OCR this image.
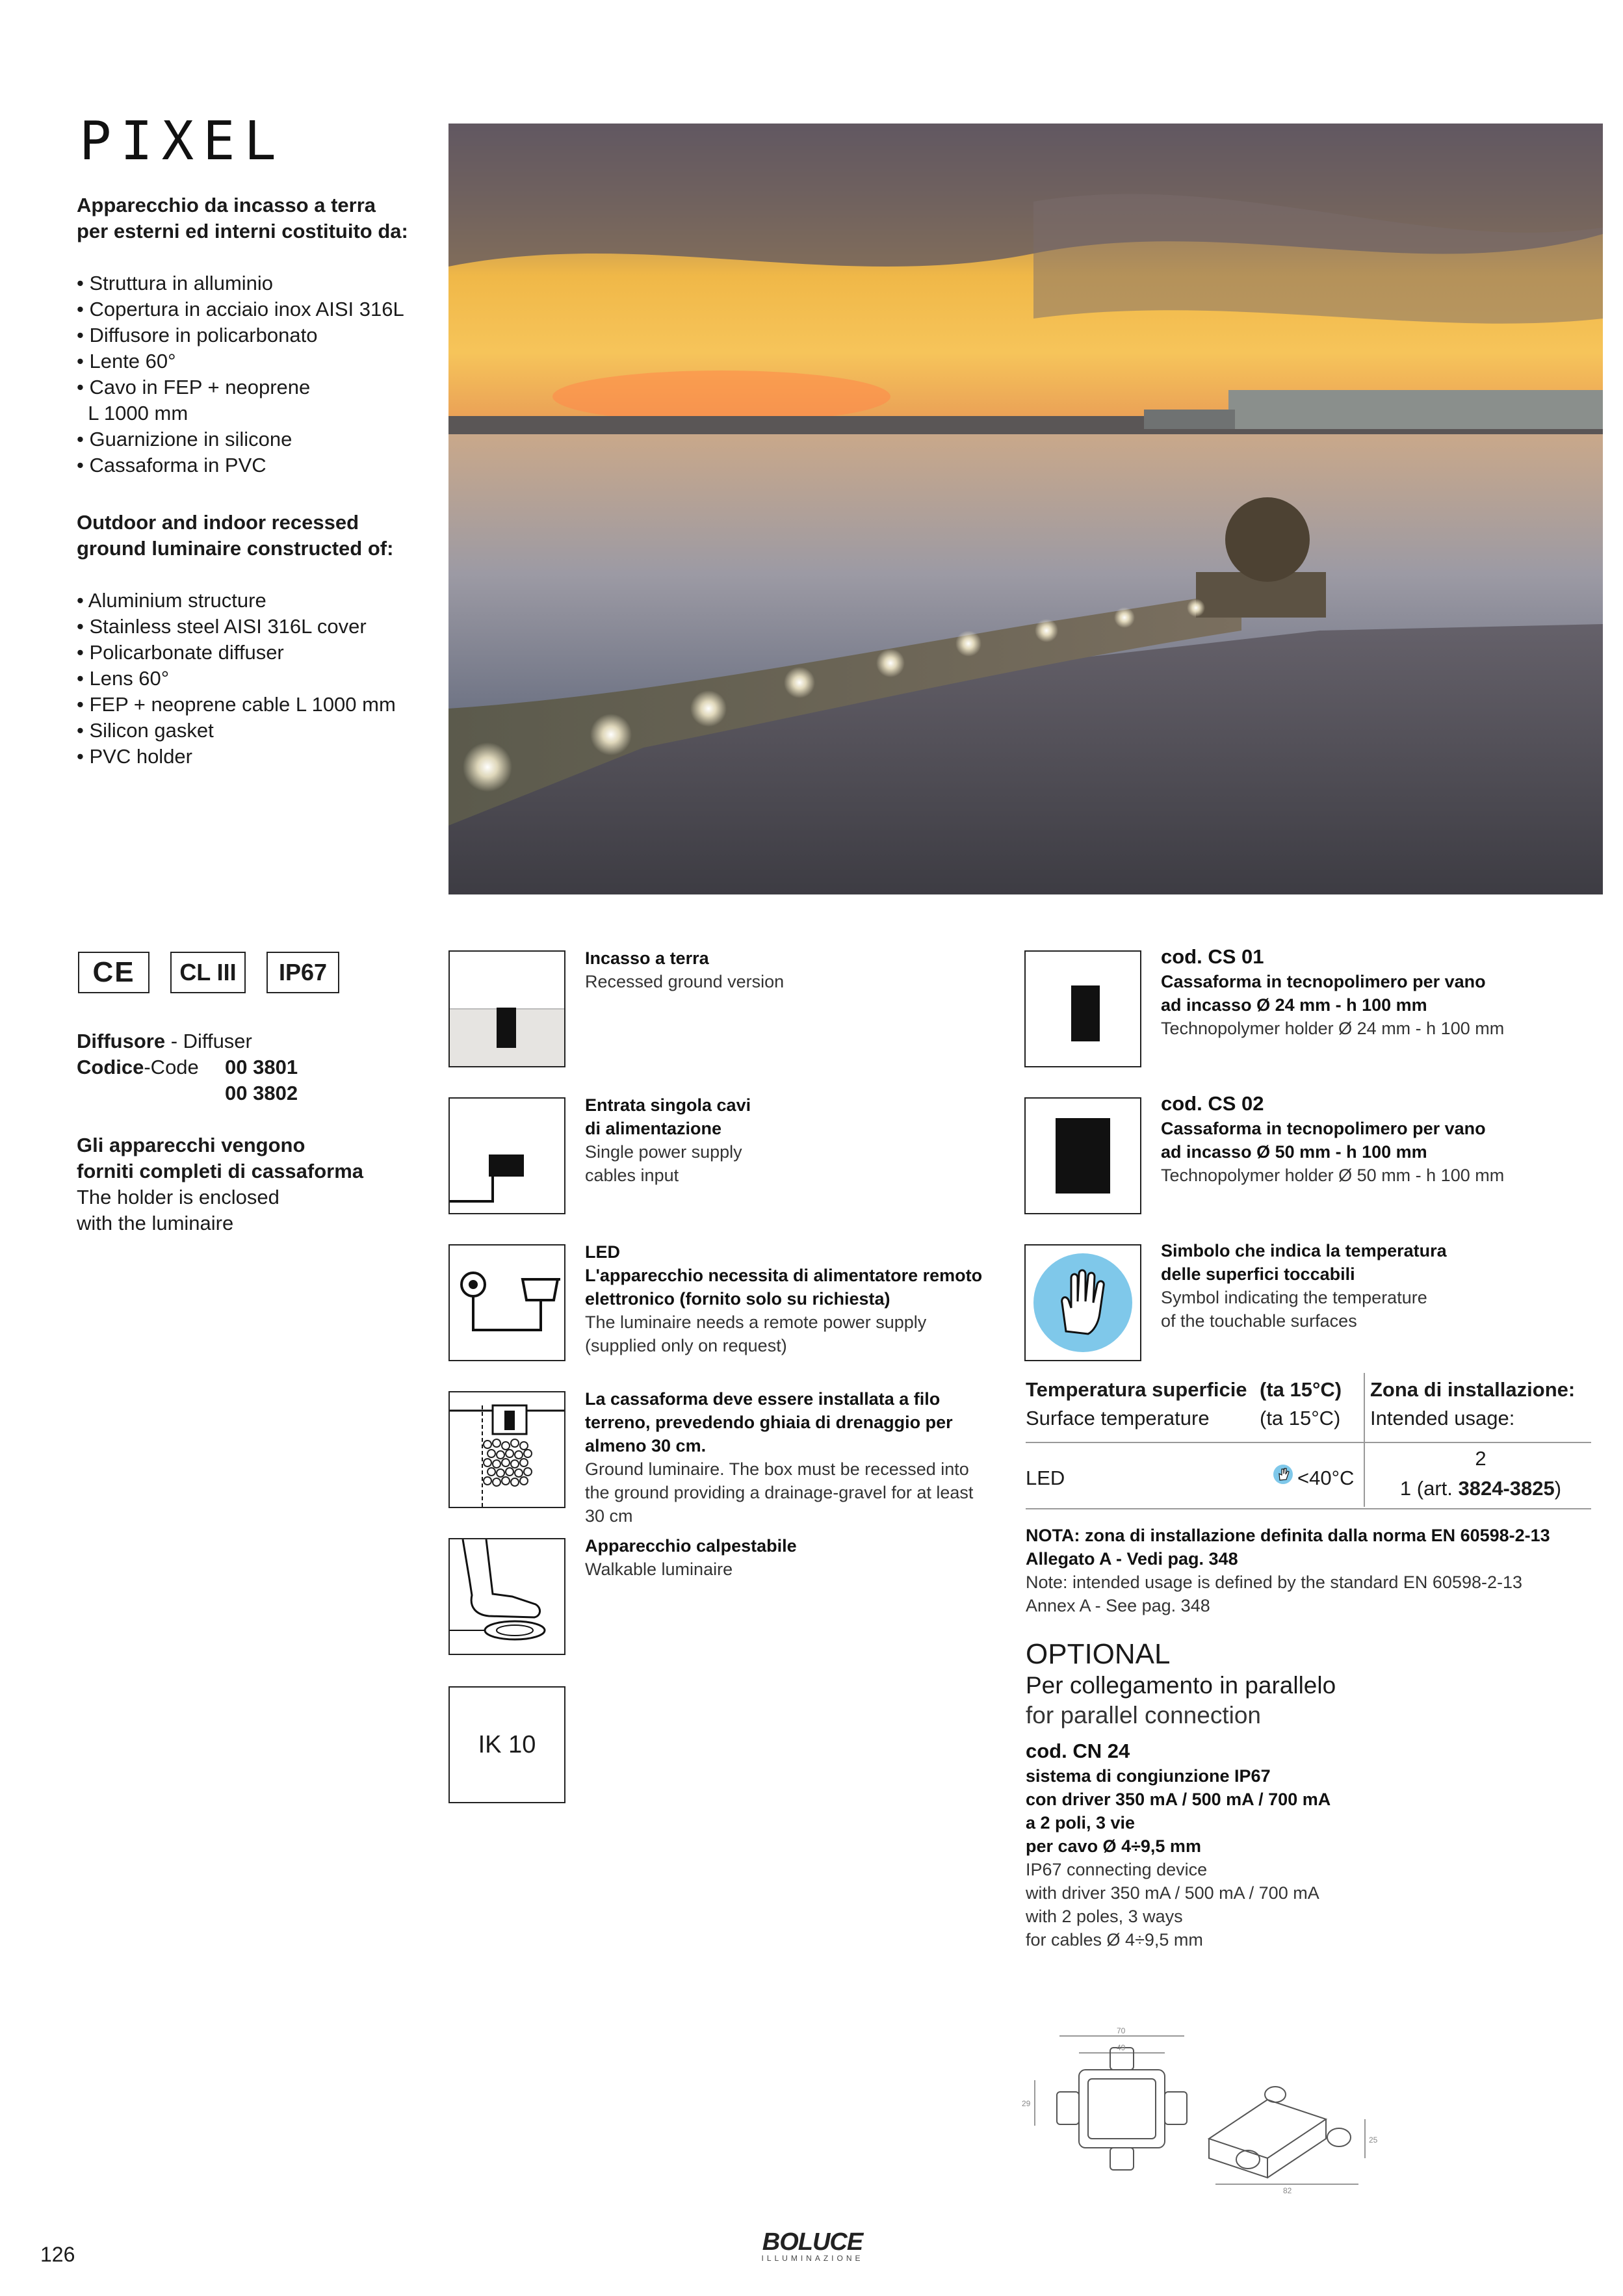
PIXEL
Apparecchio da incasso a terra
per esterni ed interni costituito da:
• Struttura in alluminio
• Copertura in acciaio inox AISI 316L
• Diffusore in policarbonato
• Lente 60°
• Cavo in FEP + neoprene
L 1000 mm
• Guarnizione in silicone
• Cassaforma in PVC
Outdoor and indoor recessed
ground luminaire constructed of:
• Aluminium structure
• Stainless steel AISI 316L cover
• Policarbonate diffuser
• Lens 60°
• FEP + neoprene cable L 1000 mm
• Silicon gasket
• PVC holder
CE CL III IP67
Diffusore - Diffuser
Codice-Code 00 3801
00 3802
Gli apparecchi vengono
forniti completi di cassaforma
The holder is enclosed
with the luminaire
Incasso a terra
Recessed ground version
Entrata singola cavi
di alimentazione
Single power supply
cables input
LED
L'apparecchio necessita di alimentatore remoto
elettronico (fornito solo su richiesta)
The luminaire needs a remote power supply
(supplied only on request)
La cassaforma deve essere installata a filo
terreno, prevedendo ghiaia di drenaggio per
almeno 30 cm.
Ground luminaire. The box must be recessed into
the ground providing a drainage-gravel for at least
30 cm
Apparecchio calpestabile
Walkable luminaire
IK 10
cod. CS 01
Cassaforma in tecnopolimero per vano
ad incasso Ø 24 mm - h 100 mm
Technopolymer holder Ø 24 mm - h 100 mm
cod. CS 02
Cassaforma in tecnopolimero per vano
ad incasso Ø 50 mm - h 100 mm
Technopolymer holder Ø 50 mm - h 100 mm
Simbolo che indica la temperatura
delle superfici toccabili
Symbol indicating the temperature
of the touchable surfaces
Temperatura superficie (ta 15°C)
Surface temperature (ta 15°C)
Zona di installazione:
Intended usage:
LED	<40°C
2
1 (art. 3824-3825)
NOTA: zona di installazione definita dalla norma EN 60598-2-13
Allegato A - Vedi pag. 348
Note: intended usage is defined by the standard EN 60598-2-13
Annex A - See pag. 348
OPTIONAL
Per collegamento in parallelo
for parallel connection
cod. CN 24
sistema di congiunzione IP67
con driver 350 mA / 500 mA / 700 mA
a 2 poli, 3 vie
per cavo Ø 4÷9,5 mm
IP67 connecting device
with driver 350 mA / 500 mA / 700 mA
with 2 poles, 3 ways
for cables Ø 4÷9,5 mm
70
49
29
25
82
126	BOLUCE
ILLUMINAZIONE
